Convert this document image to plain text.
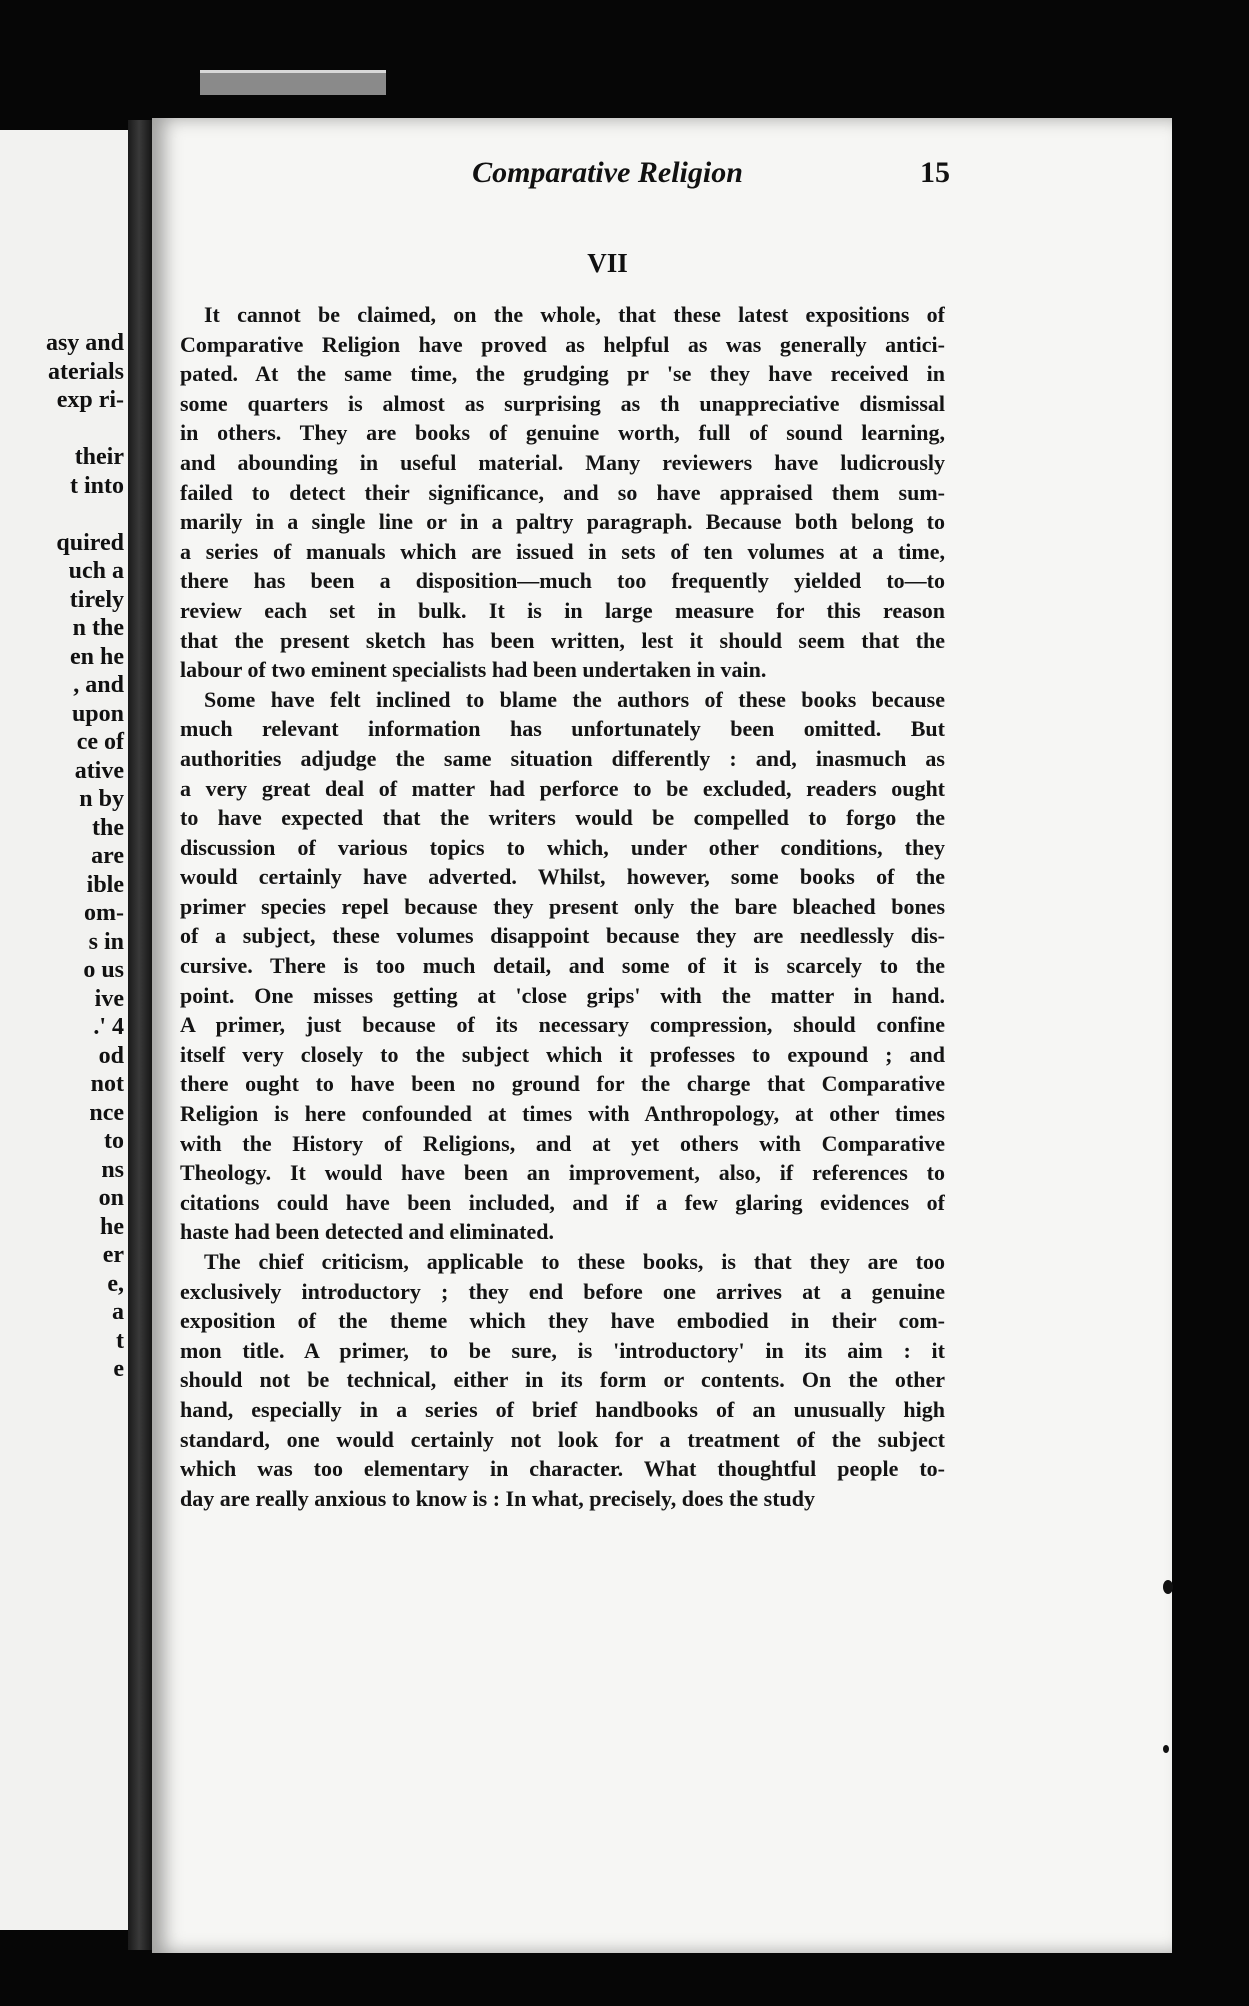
asy and
aterials
exp ri-
their
t into
quired
uch a
tirely
n the
en he
, and
upon
ce of
ative
n by
the
are
ible
om-
s in
o us
ive
.' 4
od
not
nce
to
ns
on
he
er
e,
a
t
e
Comparative Religion	15
VII
It cannot be claimed, on the whole, that these latest expositions of
Comparative Religion have proved as helpful as was generally antici-
pated. At the same time, the grudging pr 'se they have received in
some quarters is almost as surprising as th unappreciative dismissal
in others. They are books of genuine worth, full of sound learning,
and abounding in useful material. Many reviewers have ludicrously
failed to detect their significance, and so have appraised them sum-
marily in a single line or in a paltry paragraph. Because both belong to
a series of manuals which are issued in sets of ten volumes at a time,
there has been a disposition—much too frequently yielded to—to
review each set in bulk. It is in large measure for this reason
that the present sketch has been written, lest it should seem that the
labour of two eminent specialists had been undertaken in vain.
Some have felt inclined to blame the authors of these books because
much relevant information has unfortunately been omitted. But
authorities adjudge the same situation differently : and, inasmuch as
a very great deal of matter had perforce to be excluded, readers ought
to have expected that the writers would be compelled to forgo the
discussion of various topics to which, under other conditions, they
would certainly have adverted. Whilst, however, some books of the
primer species repel because they present only the bare bleached bones
of a subject, these volumes disappoint because they are needlessly dis-
cursive. There is too much detail, and some of it is scarcely to the
point. One misses getting at 'close grips' with the matter in hand.
A primer, just because of its necessary compression, should confine
itself very closely to the subject which it professes to expound ; and
there ought to have been no ground for the charge that Comparative
Religion is here confounded at times with Anthropology, at other times
with the History of Religions, and at yet others with Comparative
Theology. It would have been an improvement, also, if references to
citations could have been included, and if a few glaring evidences of
haste had been detected and eliminated.
The chief criticism, applicable to these books, is that they are too
exclusively introductory ; they end before one arrives at a genuine
exposition of the theme which they have embodied in their com-
mon title. A primer, to be sure, is 'introductory' in its aim : it
should not be technical, either in its form or contents. On the other
hand, especially in a series of brief handbooks of an unusually high
standard, one would certainly not look for a treatment of the subject
which was too elementary in character. What thoughtful people to-
day are really anxious to know is : In what, precisely, does the study
